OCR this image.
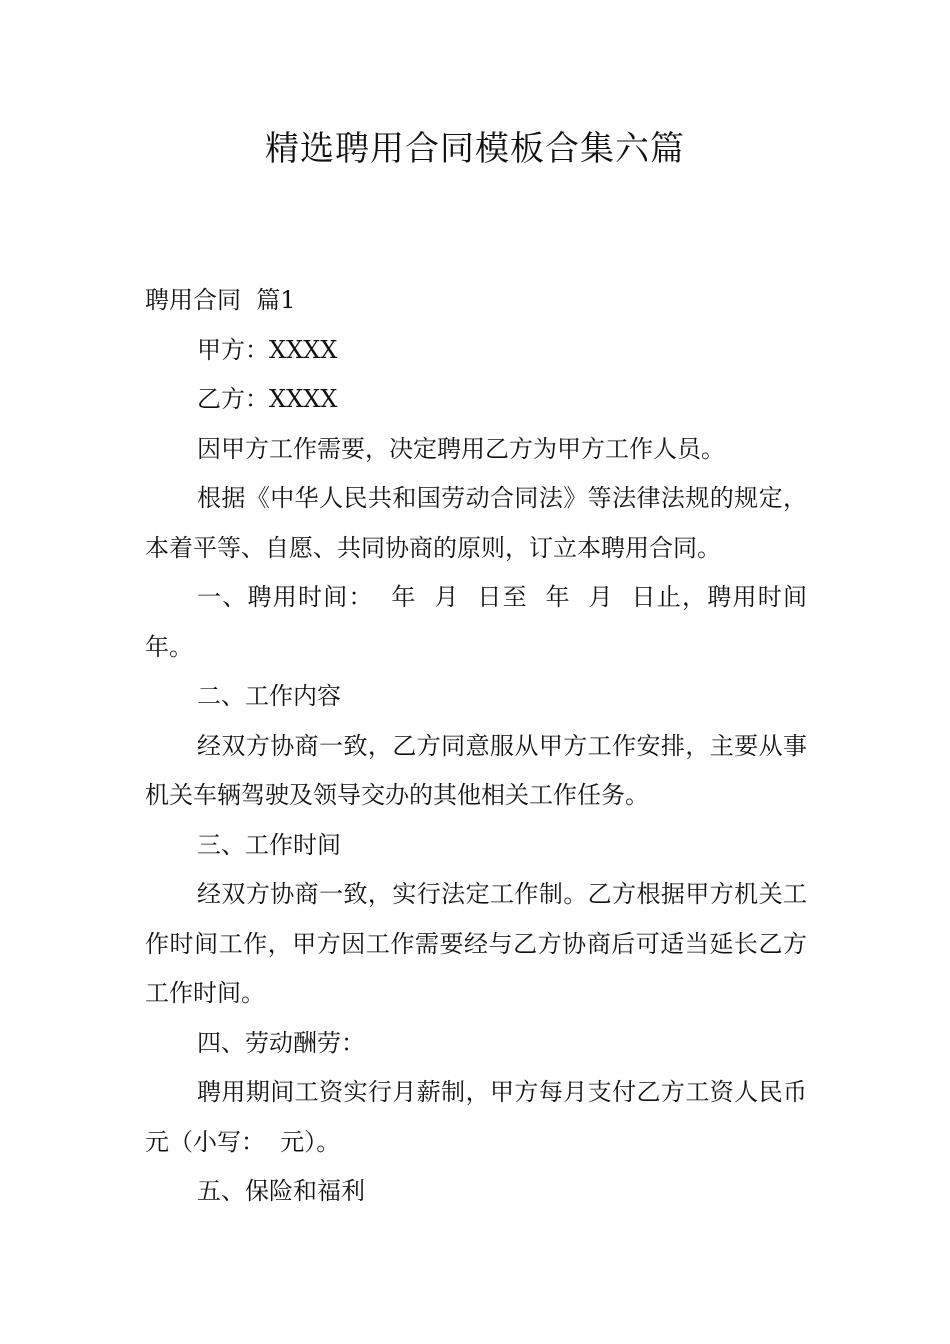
精选聘用合同模板合集六篇

聘用合同  篇1

甲方：XXXX

乙方：XXXX

因甲方工作需要，决定聘用乙方为甲方工作人员。

根据《中华人民共和国劳动合同法》等法律法规的规定，本着平等、自愿、共同协商的原则，订立本聘用合同。

一、聘用时间：  年  月  日至  年  月  日止，聘用时间  年。

二、工作内容

经双方协商一致，乙方同意服从甲方工作安排，主要从事机关车辆驾驶及领导交办的其他相关工作任务。

三、工作时间

经双方协商一致，实行法定工作制。乙方根据甲方机关工作时间工作，甲方因工作需要经与乙方协商后可适当延长乙方工作时间。

四、劳动酬劳：

聘用期间工资实行月薪制，甲方每月支付乙方工资人民币  元（小写：  元）。

五、保险和福利
